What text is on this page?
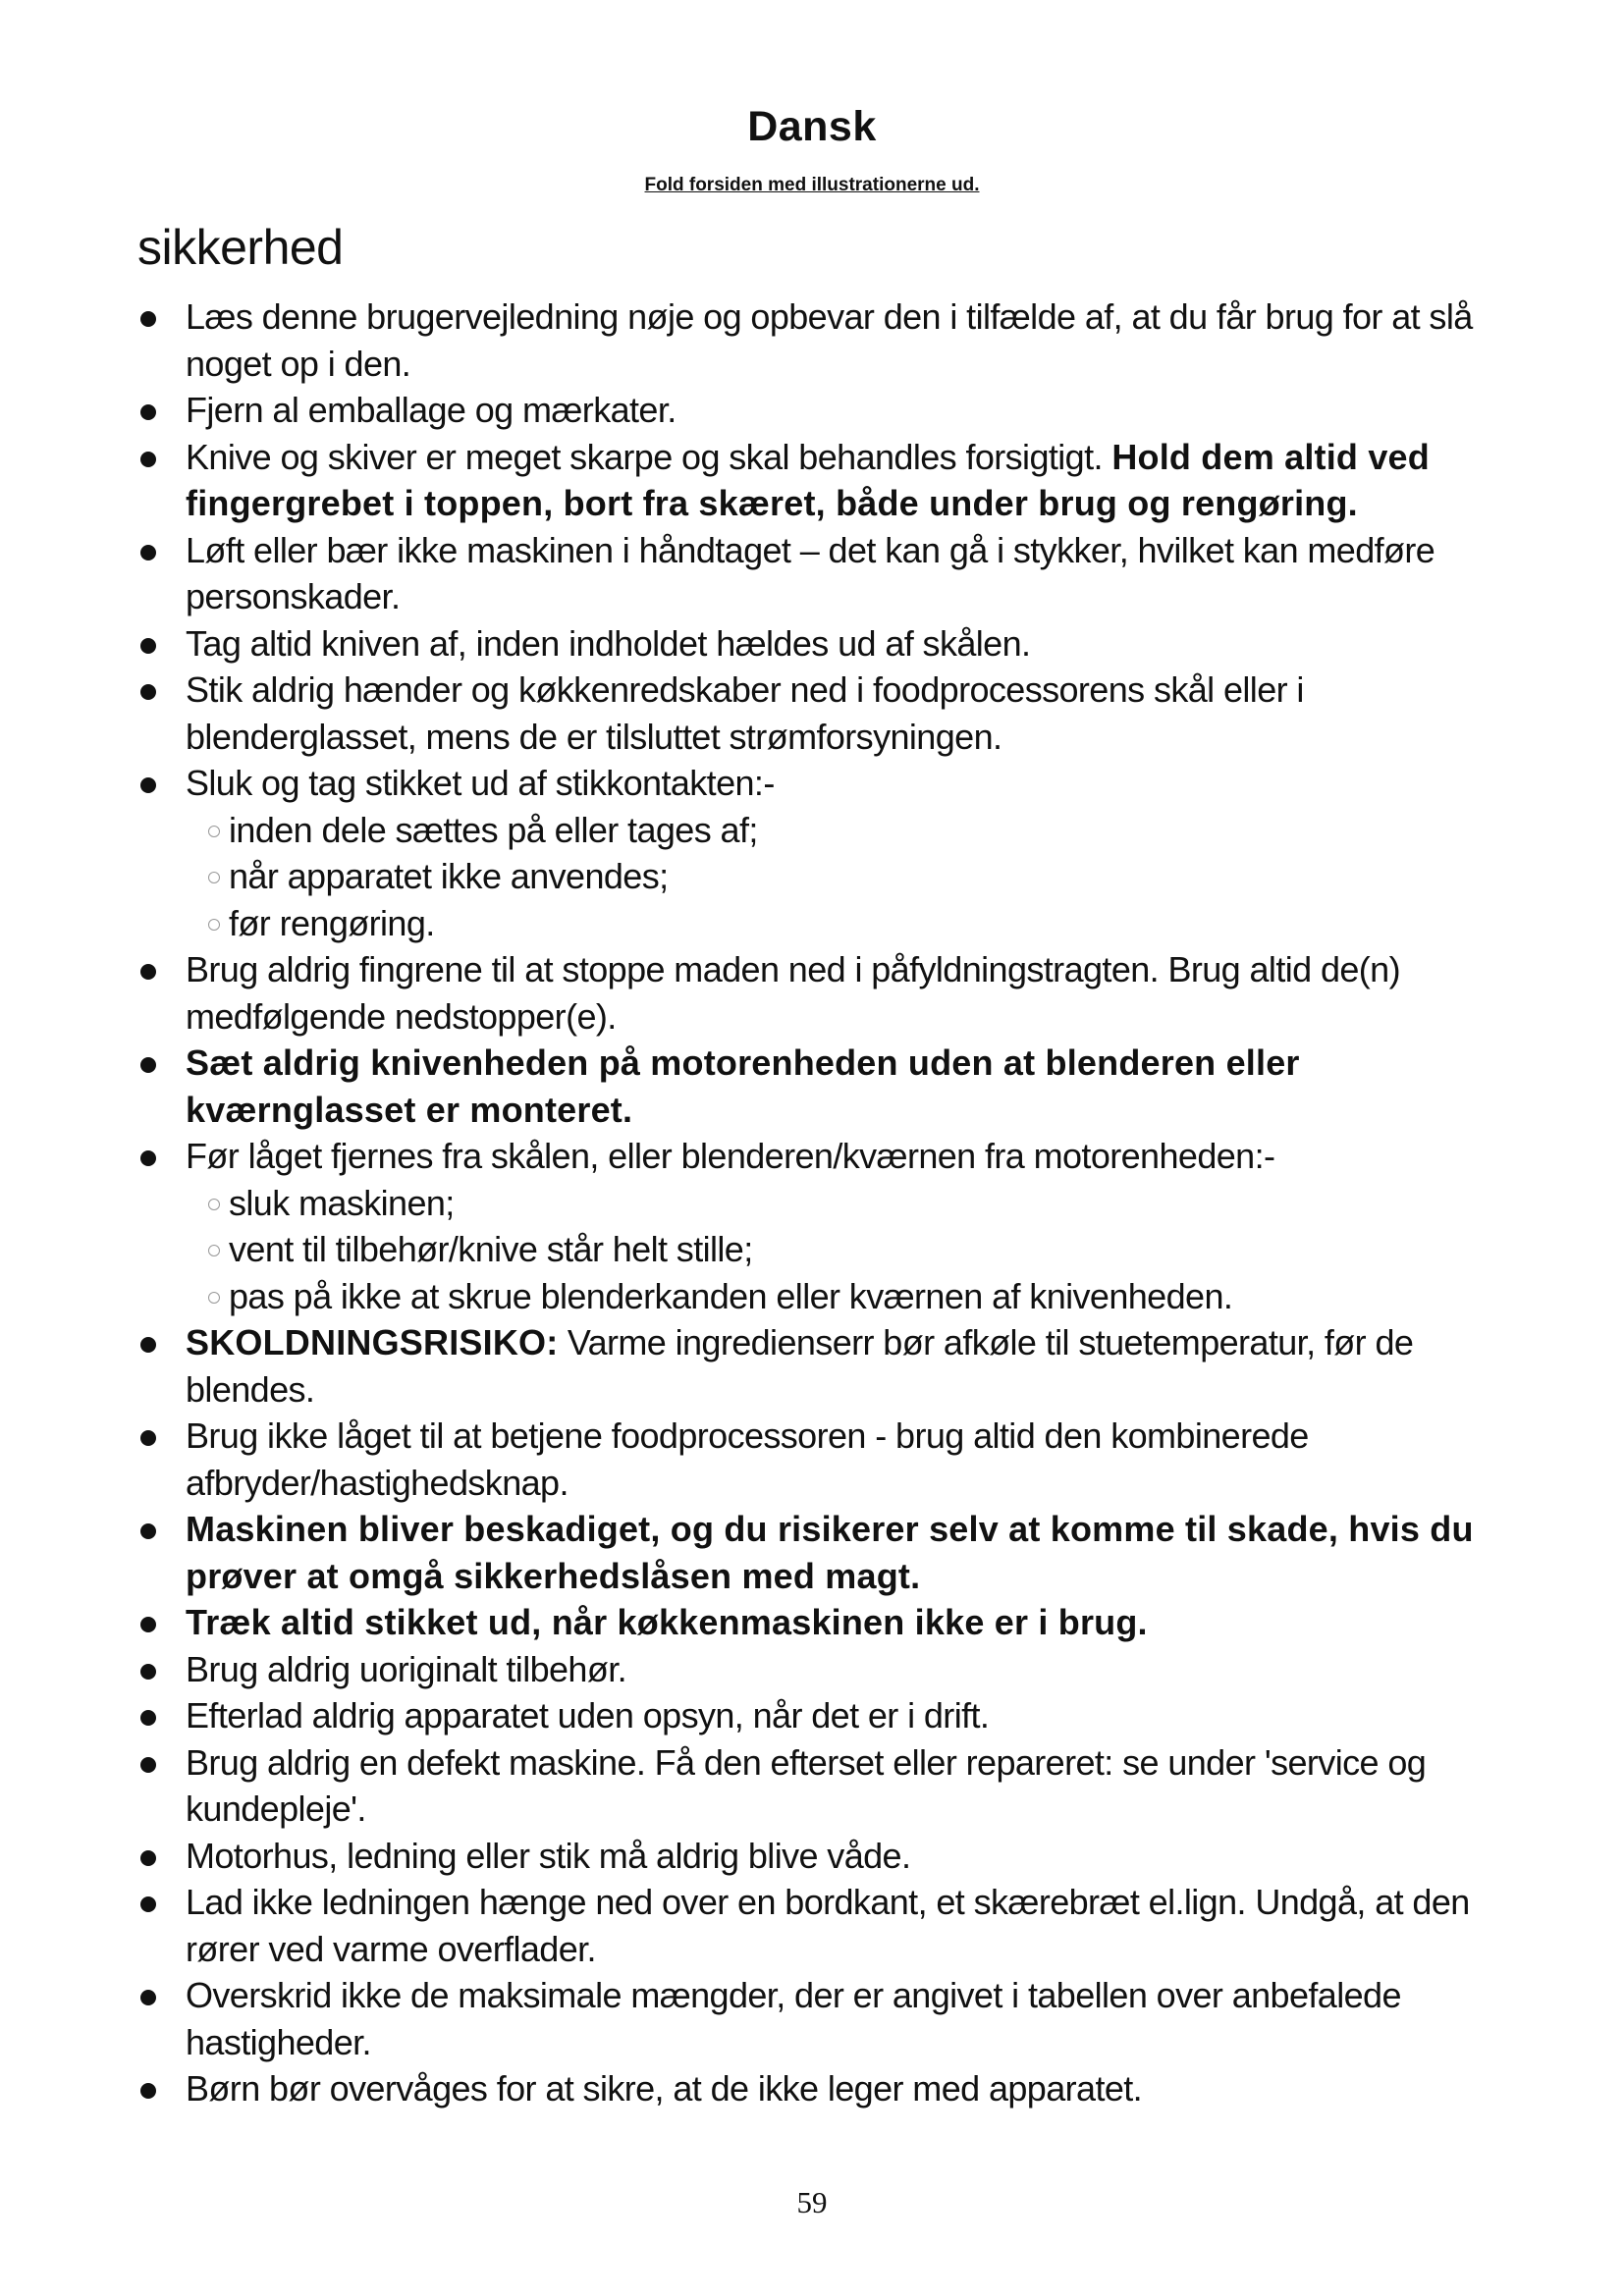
Dansk
Fold forsiden med illustrationerne ud.
sikkerhed
Læs denne brugervejledning nøje og opbevar den i tilfælde af, at du får brug for at slå noget op i den.
Fjern al emballage og mærkater.
Knive og skiver er meget skarpe og skal behandles forsigtigt. Hold dem altid ved fingergrebet i toppen, bort fra skæret, både under brug og rengøring.
Løft eller bær ikke maskinen i håndtaget – det kan gå i stykker, hvilket kan medføre personskader.
Tag altid kniven af, inden indholdet hældes ud af skålen.
Stik aldrig hænder og køkkenredskaber ned i foodprocessorens skål eller i blenderglasset, mens de er tilsluttet strømforsyningen.
Sluk og tag stikket ud af stikkontakten:-
inden dele sættes på eller tages af;
når apparatet ikke anvendes;
før rengøring.
Brug aldrig fingrene til at stoppe maden ned i påfyldningstragten. Brug altid de(n) medfølgende nedstopper(e).
Sæt aldrig knivenheden på motorenheden uden at blenderen eller kværnglasset er monteret.
Før låget fjernes fra skålen, eller blenderen/kværnen fra motorenheden:-
sluk maskinen;
vent til tilbehør/knive står helt stille;
pas på ikke at skrue blenderkanden eller kværnen af knivenheden.
SKOLDNINGSRISIKO: Varme ingredienserr bør afkøle til stuetemperatur, før de blendes.
Brug ikke låget til at betjene foodprocessoren - brug altid den kombinerede afbryder/hastighedsknap.
Maskinen bliver beskadiget, og du risikerer selv at komme til skade, hvis du prøver at omgå sikkerhedslåsen med magt.
Træk altid stikket ud, når køkkenmaskinen ikke er i brug.
Brug aldrig uoriginalt tilbehør.
Efterlad aldrig apparatet uden opsyn, når det er i drift.
Brug aldrig en defekt maskine. Få den efterset eller repareret: se under 'service og kundepleje'.
Motorhus, ledning eller stik må aldrig blive våde.
Lad ikke ledningen hænge ned over en bordkant, et skærebræt el.lign. Undgå, at den rører ved varme overflader.
Overskrid ikke de maksimale mængder, der er angivet i tabellen over anbefalede hastigheder.
Børn bør overvåges for at sikre, at de ikke leger med apparatet.
59
